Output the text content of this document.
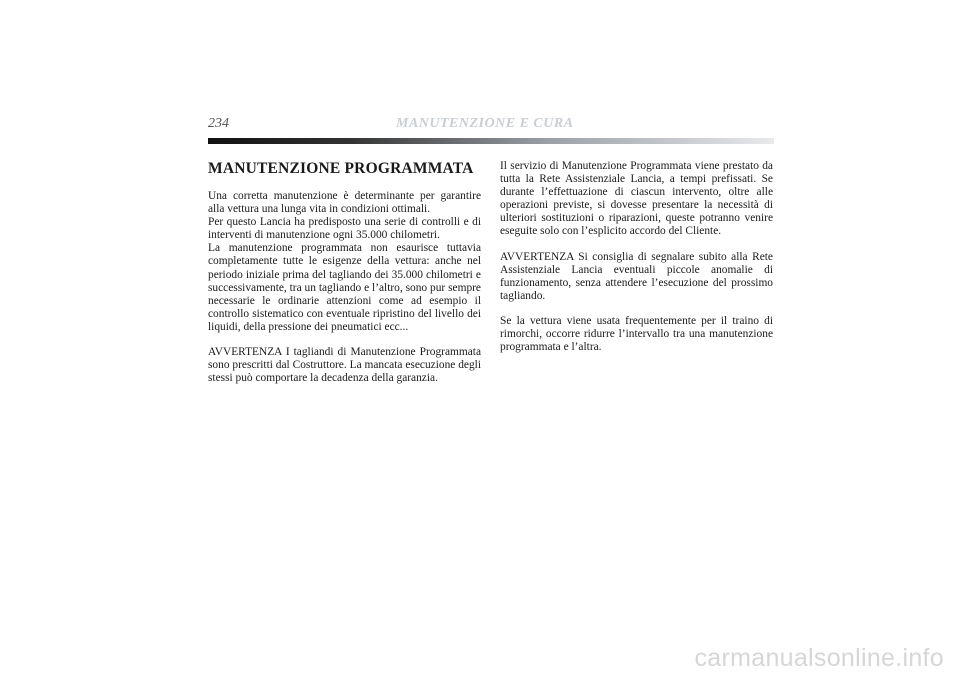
234	MANUTENZIONE E CURA
MANUTENZIONE PROGRAMMATA

Una corretta manutenzione è determinante per garantire alla vettura una lunga vita in condizioni ottimali.

Per questo Lancia ha predisposto una serie di controlli e di interventi di manutenzione ogni 35.000 chilometri.

La manutenzione programmata non esaurisce tuttavia completamente tutte le esigenze della vettura: anche nel periodo iniziale prima del tagliando dei 35.000 chilometri e successivamente, tra un tagliando e l’altro, sono pur sempre necessarie le ordinarie attenzioni come ad esempio il controllo sistematico con eventuale ripristino del livello dei liquidi, della pressione dei pneumatici ecc...

AVVERTENZA I tagliandi di Manutenzione Programmata sono prescritti dal Costruttore. La mancata esecuzione degli stessi può comportare la decadenza della garanzia.

Il servizio di Manutenzione Programmata viene prestato da tutta la Rete Assistenziale Lancia, a tempi prefissati. Se durante l’effettuazione di ciascun intervento, oltre alle operazioni previste, si dovesse presentare la necessità di ulteriori sostituzioni o riparazioni, queste potranno venire eseguite solo con l’esplicito accordo del Cliente.

AVVERTENZA Si consiglia di segnalare subito alla Rete Assistenziale Lancia eventuali piccole anomalie di funzionamento, senza attendere l’esecuzione del prossimo tagliando.

Se la vettura viene usata frequentemente per il traino di rimorchi, occorre ridurre l’intervallo tra una manutenzione programmata e l’altra.

carmanualsonline.info
